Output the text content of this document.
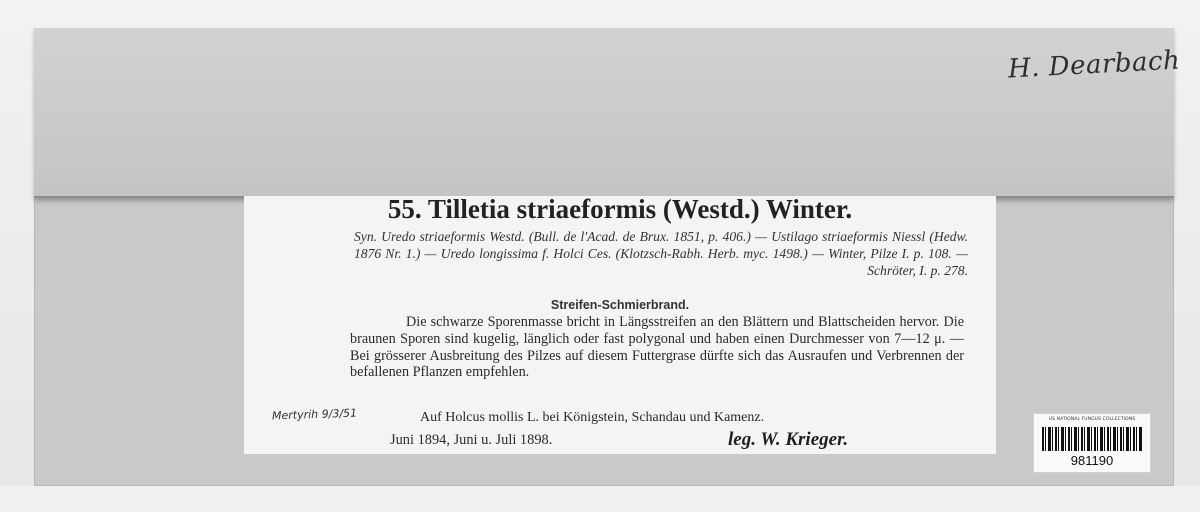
H. Dearbach
55. Tilletia striaeformis (Westd.) Winter.
Syn. Uredo striaeformis Westd. (Bull. de l'Acad. de Brux. 1851, p. 406.) — Ustilago striaeformis Niessl (Hedw. 1876 Nr. 1.) — Uredo longissima f. Holci Ces. (Klotzsch-Rabh. Herb. myc. 1498.) — Winter, Pilze I. p. 108. — Schröter, I. p. 278.
Streifen-Schmierbrand.
Die schwarze Sporenmasse bricht in Längsstreifen an den Blättern und Blattscheiden hervor. Die braunen Sporen sind kugelig, länglich oder fast polygonal und haben einen Durchmesser von 7—12 μ. — Bei grösserer Ausbreitung des Pilzes auf diesem Futtergrase dürfte sich das Ausraufen und Verbrennen der befallenen Pflanzen empfehlen.
Auf Holcus mollis L. bei Königstein, Schandau und Kamenz.
Juni 1894, Juni u. Juli 1898.	leg. W. Krieger.
Mertyrih 9/3/51	US NATIONAL FUNGUS COLLECTIONS
981190
